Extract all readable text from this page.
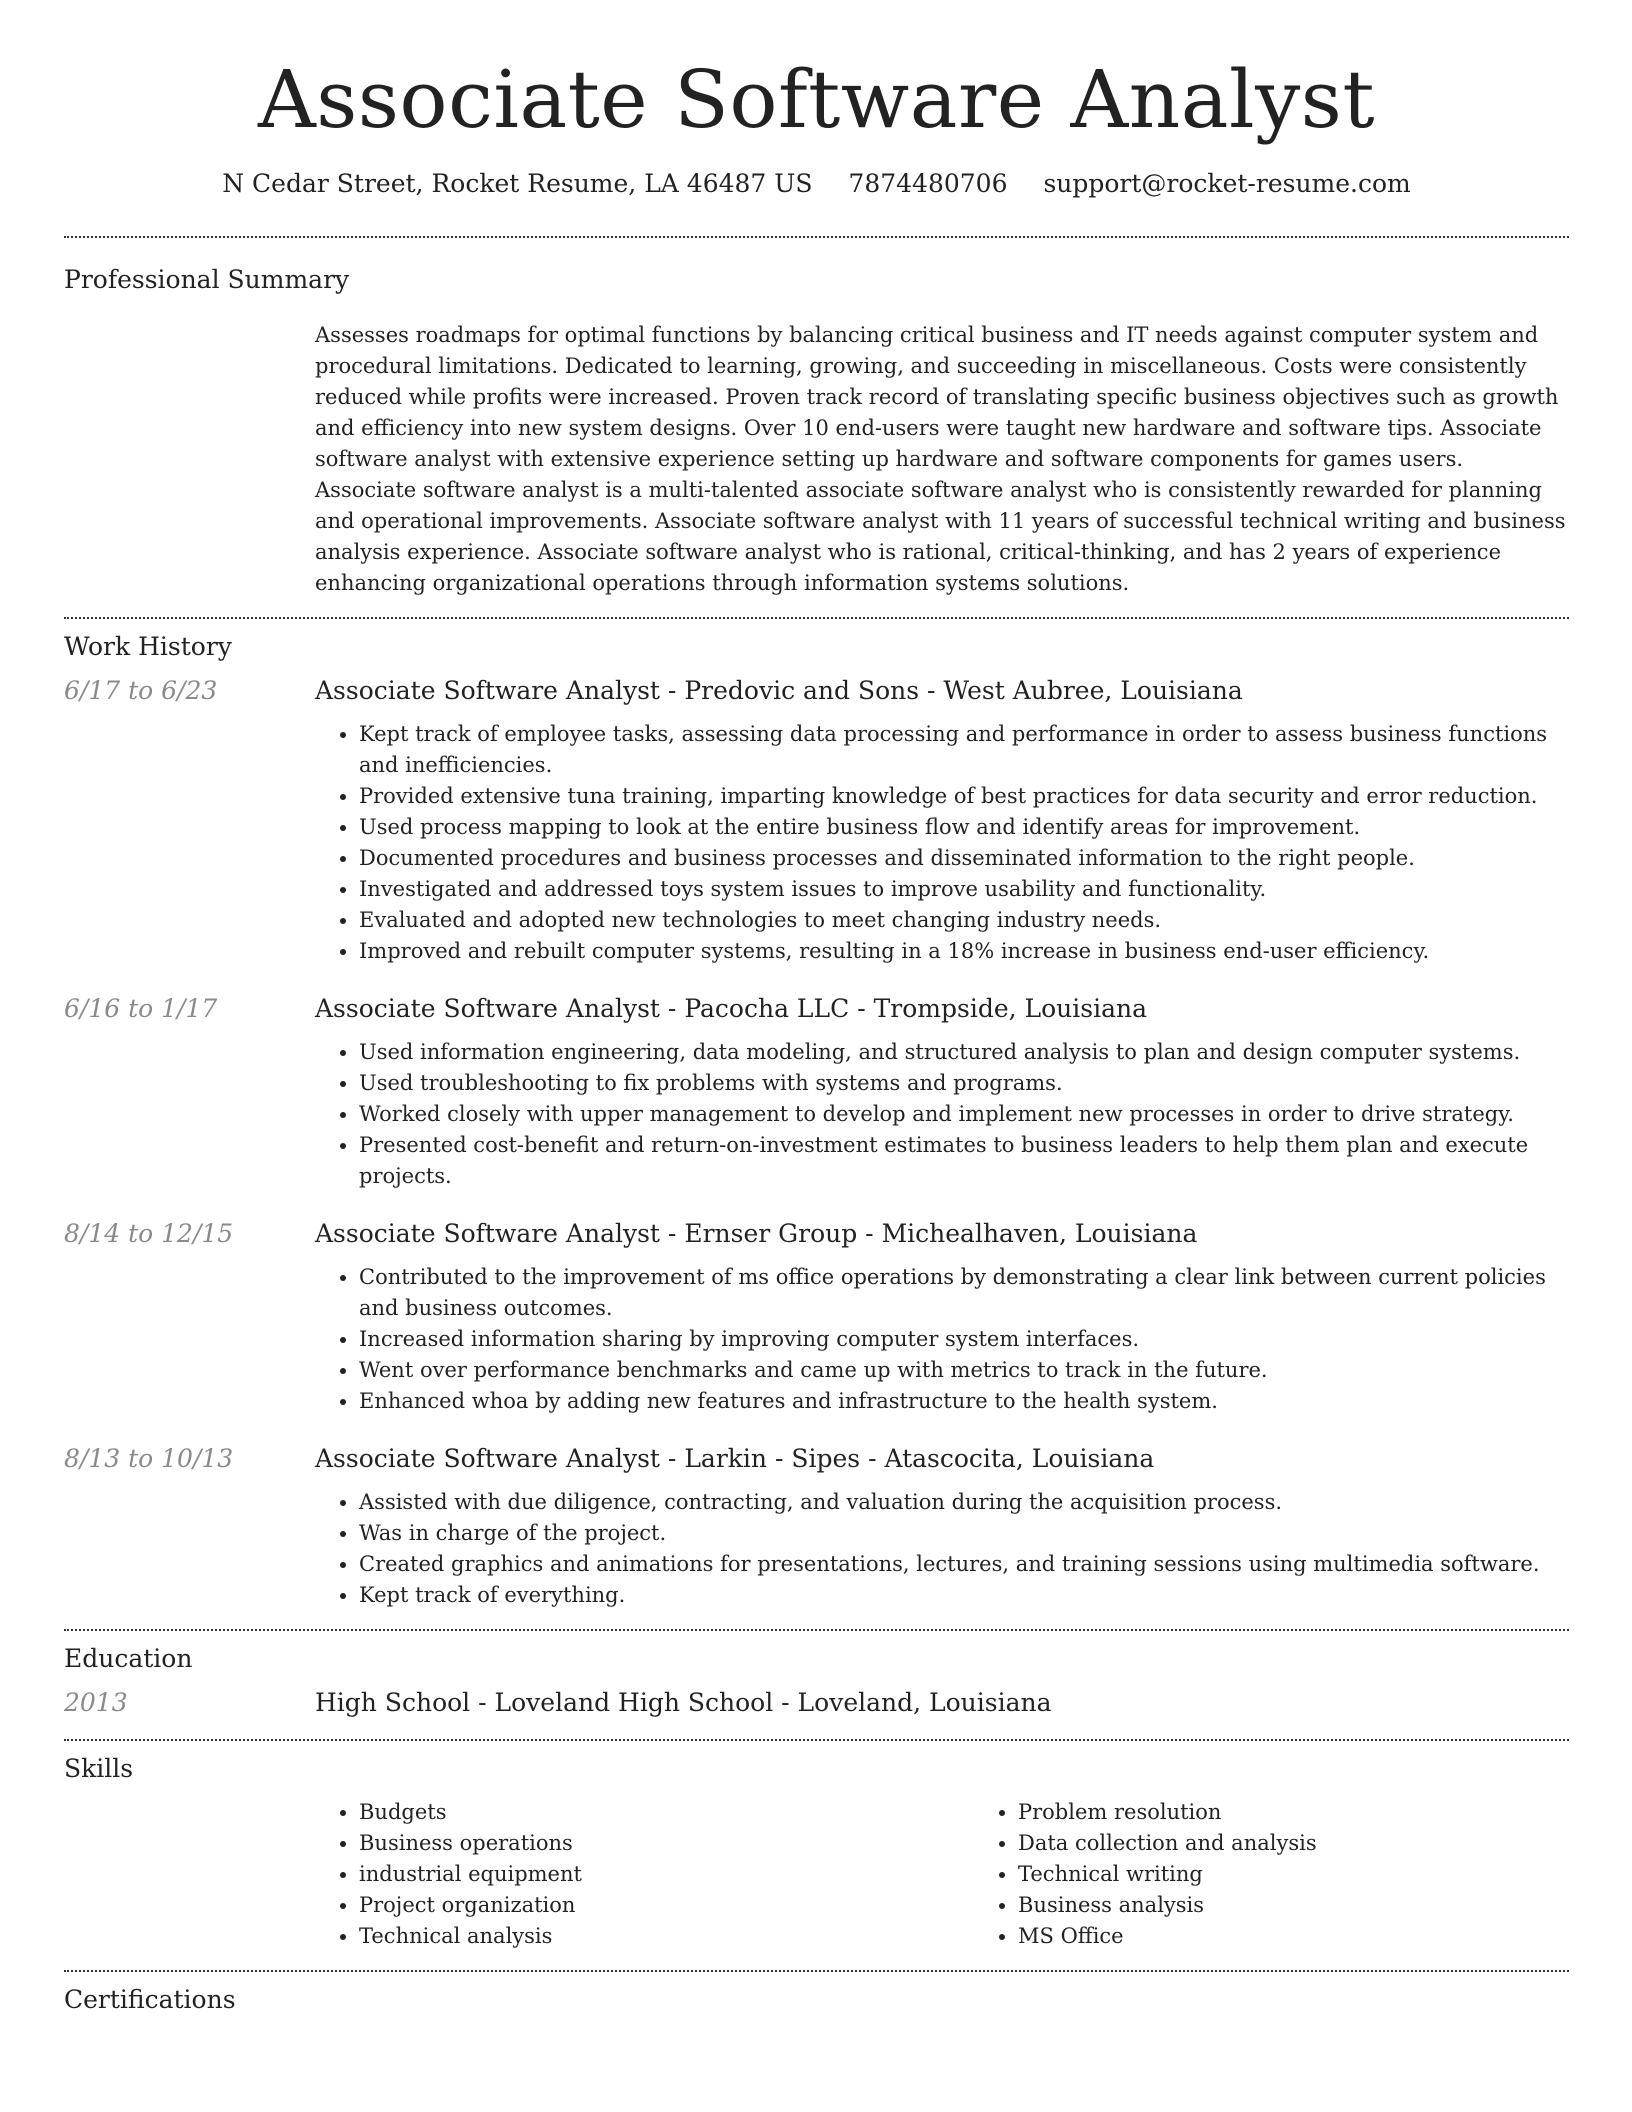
Associate Software Analyst
N Cedar Street, Rocket Resume, LA 46487 US 7874480706 support@rocket-resume.com
Professional Summary

Assesses roadmaps for optimal functions by balancing critical business and IT needs against computer system and procedural limitations. Dedicated to learning, growing, and succeeding in miscellaneous. Costs were consistently reduced while profits were increased. Proven track record of translating specific business objectives such as growth and efficiency into new system designs. Over 10 end-users were taught new hardware and software tips. Associate software analyst with extensive experience setting up hardware and software components for games users. Associate software analyst is a multi-talented associate software analyst who is consistently rewarded for planning and operational improvements. Associate software analyst with 11 years of successful technical writing and business analysis experience. Associate software analyst who is rational, critical-thinking, and has 2 years of experience enhancing organizational operations through information systems solutions.

Work History
6/17 to 6/23	Associate Software Analyst - Predovic and Sons - West Aubree, Louisiana
• Kept track of employee tasks, assessing data processing and performance in order to assess business functions and inefficiencies.
• Provided extensive tuna training, imparting knowledge of best practices for data security and error reduction.
• Used process mapping to look at the entire business flow and identify areas for improvement.
• Documented procedures and business processes and disseminated information to the right people.
• Investigated and addressed toys system issues to improve usability and functionality.
• Evaluated and adopted new technologies to meet changing industry needs.
• Improved and rebuilt computer systems, resulting in a 18% increase in business end-user efficiency.
6/16 to 1/17	Associate Software Analyst - Pacocha LLC - Trompside, Louisiana
• Used information engineering, data modeling, and structured analysis to plan and design computer systems.
• Used troubleshooting to fix problems with systems and programs.
• Worked closely with upper management to develop and implement new processes in order to drive strategy.
• Presented cost-benefit and return-on-investment estimates to business leaders to help them plan and execute projects.
8/14 to 12/15	Associate Software Analyst - Ernser Group - Michealhaven, Louisiana
• Contributed to the improvement of ms office operations by demonstrating a clear link between current policies and business outcomes.
• Increased information sharing by improving computer system interfaces.
• Went over performance benchmarks and came up with metrics to track in the future.
• Enhanced whoa by adding new features and infrastructure to the health system.
8/13 to 10/13	Associate Software Analyst - Larkin - Sipes - Atascocita, Louisiana
• Assisted with due diligence, contracting, and valuation during the acquisition process.
• Was in charge of the project.
• Created graphics and animations for presentations, lectures, and training sessions using multimedia software.
• Kept track of everything.
Education
2013	High School - Loveland High School - Loveland, Louisiana
Skills
• Budgets
• Business operations
• industrial equipment
• Project organization
• Technical analysis
• Problem resolution
• Data collection and analysis
• Technical writing
• Business analysis
• MS Office
Certifications
